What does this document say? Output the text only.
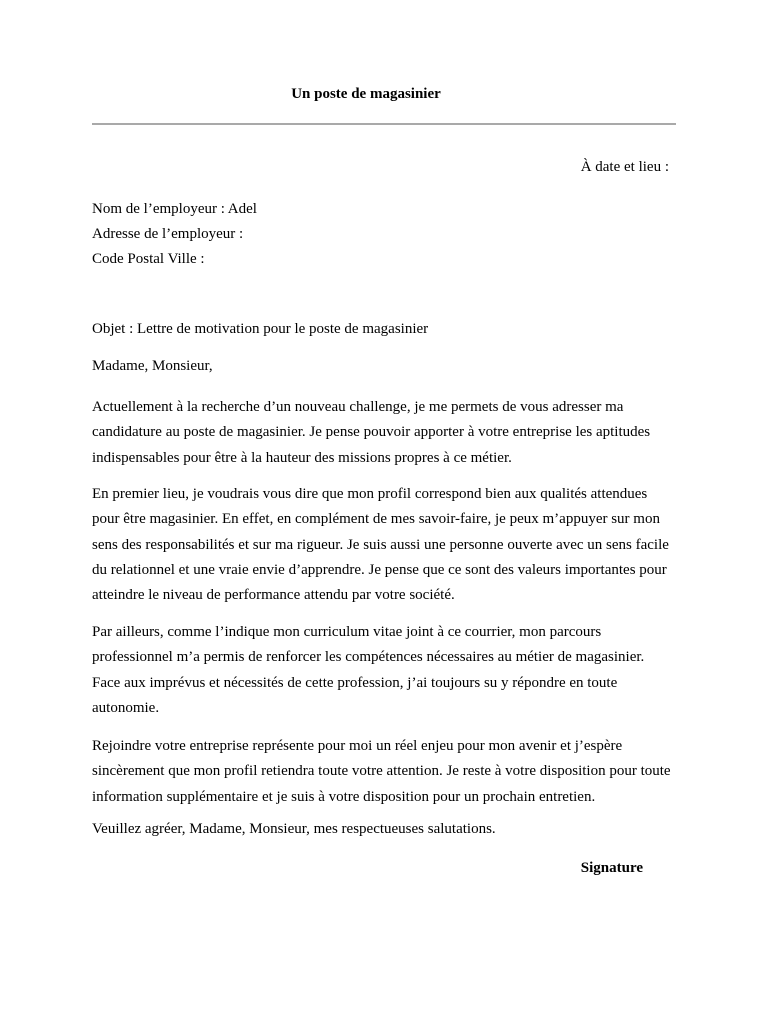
Un poste de magasinier
À date et lieu :
Nom de l’employeur : Adel
Adresse de l’employeur :
Code Postal Ville :
Objet : Lettre de motivation pour le poste de magasinier
Madame, Monsieur,
Actuellement à la recherche d’un nouveau challenge, je me permets de vous adresser ma candidature au poste de magasinier. Je pense pouvoir apporter à votre entreprise les aptitudes indispensables pour être à la hauteur des missions propres à ce métier.
En premier lieu, je voudrais vous dire que mon profil correspond bien aux qualités attendues pour être magasinier. En effet, en complément de mes savoir-faire, je peux m’appuyer sur mon sens des responsabilités et sur ma rigueur. Je suis aussi une personne ouverte avec un sens facile du relationnel et une vraie envie d’apprendre. Je pense que ce sont des valeurs importantes pour atteindre le niveau de performance attendu par votre société.
Par ailleurs, comme l’indique mon curriculum vitae joint à ce courrier, mon parcours professionnel m’a permis de renforcer les compétences nécessaires au métier de magasinier. Face aux imprévus et nécessités de cette profession, j’ai toujours su y répondre en toute autonomie.
Rejoindre votre entreprise représente pour moi un réel enjeu pour mon avenir et j’espère sincèrement que mon profil retiendra toute votre attention. Je reste à votre disposition pour toute information supplémentaire et je suis à votre disposition pour un prochain entretien.
Veuillez agréer, Madame, Monsieur, mes respectueuses salutations.
Signature
